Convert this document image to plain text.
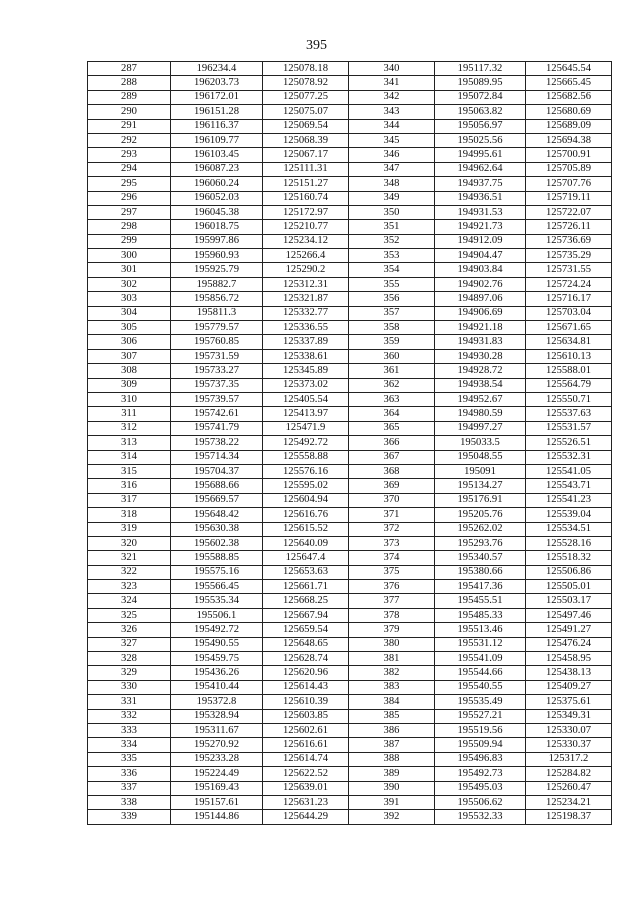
395
287	196234.4	125078.18	340	195117.32	125645.54
288	196203.73	125078.92	341	195089.95	125665.45
289	196172.01	125077.25	342	195072.84	125682.56
290	196151.28	125075.07	343	195063.82	125680.69
291	196116.37	125069.54	344	195056.97	125689.09
292	196109.77	125068.39	345	195025.56	125694.38
293	196103.45	125067.17	346	194995.61	125700.91
294	196087.23	125111.31	347	194962.64	125705.89
295	196060.24	125151.27	348	194937.75	125707.76
296	196052.03	125160.74	349	194936.51	125719.11
297	196045.38	125172.97	350	194931.53	125722.07
298	196018.75	125210.77	351	194921.73	125726.11
299	195997.86	125234.12	352	194912.09	125736.69
300	195960.93	125266.4	353	194904.47	125735.29
301	195925.79	125290.2	354	194903.84	125731.55
302	195882.7	125312.31	355	194902.76	125724.24
303	195856.72	125321.87	356	194897.06	125716.17
304	195811.3	125332.77	357	194906.69	125703.04
305	195779.57	125336.55	358	194921.18	125671.65
306	195760.85	125337.89	359	194931.83	125634.81
307	195731.59	125338.61	360	194930.28	125610.13
308	195733.27	125345.89	361	194928.72	125588.01
309	195737.35	125373.02	362	194938.54	125564.79
310	195739.57	125405.54	363	194952.67	125550.71
311	195742.61	125413.97	364	194980.59	125537.63
312	195741.79	125471.9	365	194997.27	125531.57
313	195738.22	125492.72	366	195033.5	125526.51
314	195714.34	125558.88	367	195048.55	125532.31
315	195704.37	125576.16	368	195091	125541.05
316	195688.66	125595.02	369	195134.27	125543.71
317	195669.57	125604.94	370	195176.91	125541.23
318	195648.42	125616.76	371	195205.76	125539.04
319	195630.38	125615.52	372	195262.02	125534.51
320	195602.38	125640.09	373	195293.76	125528.16
321	195588.85	125647.4	374	195340.57	125518.32
322	195575.16	125653.63	375	195380.66	125506.86
323	195566.45	125661.71	376	195417.36	125505.01
324	195535.34	125668.25	377	195455.51	125503.17
325	195506.1	125667.94	378	195485.33	125497.46
326	195492.72	125659.54	379	195513.46	125491.27
327	195490.55	125648.65	380	195531.12	125476.24
328	195459.75	125628.74	381	195541.09	125458.95
329	195436.26	125620.96	382	195544.66	125438.13
330	195410.44	125614.43	383	195540.55	125409.27
331	195372.8	125610.39	384	195535.49	125375.61
332	195328.94	125603.85	385	195527.21	125349.31
333	195311.67	125602.61	386	195519.56	125330.07
334	195270.92	125616.61	387	195509.94	125330.37
335	195233.28	125614.74	388	195496.83	125317.2
336	195224.49	125622.52	389	195492.73	125284.82
337	195169.43	125639.01	390	195495.03	125260.47
338	195157.61	125631.23	391	195506.62	125234.21
339	195144.86	125644.29	392	195532.33	125198.37
